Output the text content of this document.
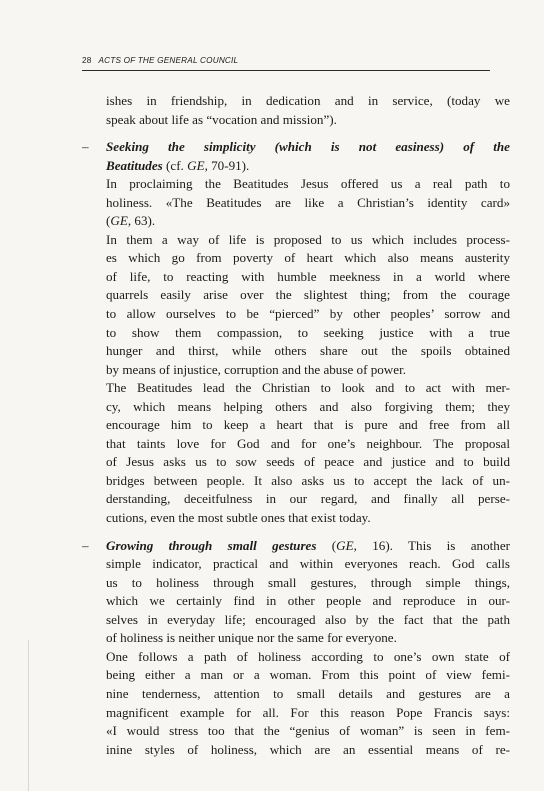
28 ACTS OF THE GENERAL COUNCIL
ishes in friendship, in dedication and in service, (today we
speak about life as “vocation and mission”).
– Seeking the simplicity (which is not easiness) of the
Beatitudes (cf. GE, 70-91).
In proclaiming the Beatitudes Jesus offered us a real path to
holiness. «The Beatitudes are like a Christian’s identity card»
(GE, 63).
In them a way of life is proposed to us which includes process-
es which go from poverty of heart which also means austerity
of life, to reacting with humble meekness in a world where
quarrels easily arise over the slightest thing; from the courage
to allow ourselves to be “pierced” by other peoples’ sorrow and
to show them compassion, to seeking justice with a true
hunger and thirst, while others share out the spoils obtained
by means of injustice, corruption and the abuse of power.
The Beatitudes lead the Christian to look and to act with mer-
cy, which means helping others and also forgiving them; they
encourage him to keep a heart that is pure and free from all
that taints love for God and for one’s neighbour. The proposal
of Jesus asks us to sow seeds of peace and justice and to build
bridges between people. It also asks us to accept the lack of un-
derstanding, deceitfulness in our regard, and finally all perse-
cutions, even the most subtle ones that exist today.
– Growing through small gestures (GE, 16). This is another
simple indicator, practical and within everyones reach. God calls
us to holiness through small gestures, through simple things,
which we certainly find in other people and reproduce in our-
selves in everyday life; encouraged also by the fact that the path
of holiness is neither unique nor the same for everyone.
One follows a path of holiness according to one’s own state of
being either a man or a woman. From this point of view femi-
nine tenderness, attention to small details and gestures are a
magnificent example for all. For this reason Pope Francis says:
«I would stress too that the “genius of woman” is seen in fem-
inine styles of holiness, which are an essential means of re-
